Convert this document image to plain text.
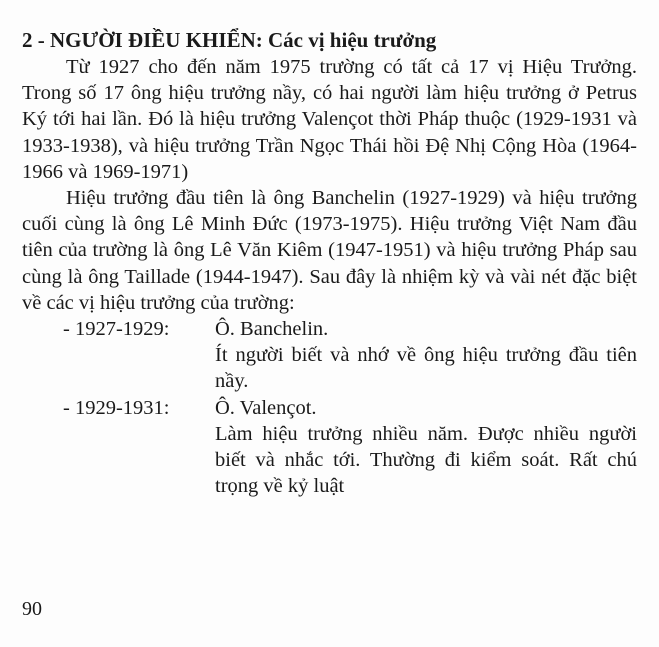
2 - NGƯỜI ĐIỀU KHIỂN: Các vị hiệu trưởng

Từ 1927 cho đến năm 1975 trường có tất cả 17 vị Hiệu Trưởng. Trong số 17 ông hiệu trưởng nầy, có hai người làm hiệu trưởng ở Petrus Ký tới hai lần. Đó là hiệu trưởng Valençot thời Pháp thuộc (1929-1931 và 1933-1938), và hiệu trưởng Trần Ngọc Thái hồi Đệ Nhị Cộng Hòa (1964-1966 và 1969-1971)

Hiệu trưởng đầu tiên là ông Banchelin (1927-1929) và hiệu trưởng cuối cùng là ông Lê Minh Đức (1973-1975). Hiệu trưởng Việt Nam đầu tiên của trường là ông Lê Văn Kiêm (1947-1951) và hiệu trưởng Pháp sau cùng là ông Taillade (1944-1947). Sau đây là nhiệm kỳ và vài nét đặc biệt về các vị hiệu trưởng của trường:

- 1927-1929:	Ô. Banchelin.
Ít người biết và nhớ về ông hiệu trưởng đầu tiên nầy.
- 1929-1931:	Ô. Valençot.
Làm hiệu trưởng nhiều năm. Được nhiều người biết và nhắc tới. Thường đi kiểm soát. Rất chú trọng về kỷ luật
90
